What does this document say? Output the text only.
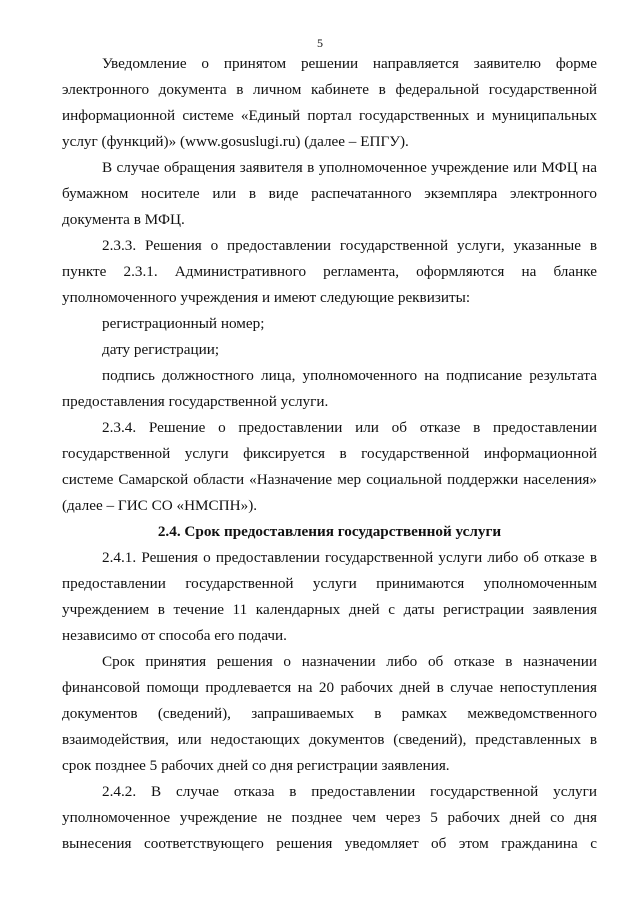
5

Уведомление о принятом решении направляется заявителю форме электронного документа в личном кабинете в федеральной государственной информационной системе «Единый портал государственных и муниципальных услуг (функций)» (www.gosuslugi.ru) (далее – ЕПГУ).

В случае обращения заявителя в уполномоченное учреждение или МФЦ на бумажном носителе или в виде распечатанного экземпляра электронного документа в МФЦ.

2.3.3. Решения о предоставлении государственной услуги, указанные в пункте 2.3.1. Административного регламента, оформляются на бланке уполномоченного учреждения и имеют следующие реквизиты:

регистрационный номер;

дату регистрации;

подпись должностного лица, уполномоченного на подписание результата предоставления государственной услуги.

2.3.4. Решение о предоставлении или об отказе в предоставлении государственной услуги фиксируется в государственной информационной системе Самарской области «Назначение мер социальной поддержки населения» (далее – ГИС СО «НМСПН»).

2.4. Срок предоставления государственной услуги

2.4.1. Решения о предоставлении государственной услуги либо об отказе в предоставлении государственной услуги принимаются уполномоченным учреждением в течение 11 календарных дней с даты регистрации заявления независимо от способа его подачи.

Срок принятия решения о назначении либо об отказе в назначении финансовой помощи продлевается на 20 рабочих дней в случае непоступления документов (сведений), запрашиваемых в рамках межведомственного взаимодействия, или недостающих документов (сведений), представленных в срок позднее 5 рабочих дней со дня регистрации заявления.

2.4.2. В случае отказа в предоставлении государственной услуги уполномоченное учреждение не позднее чем через 5 рабочих дней со дня вынесения соответствующего решения уведомляет об этом гражданина с
